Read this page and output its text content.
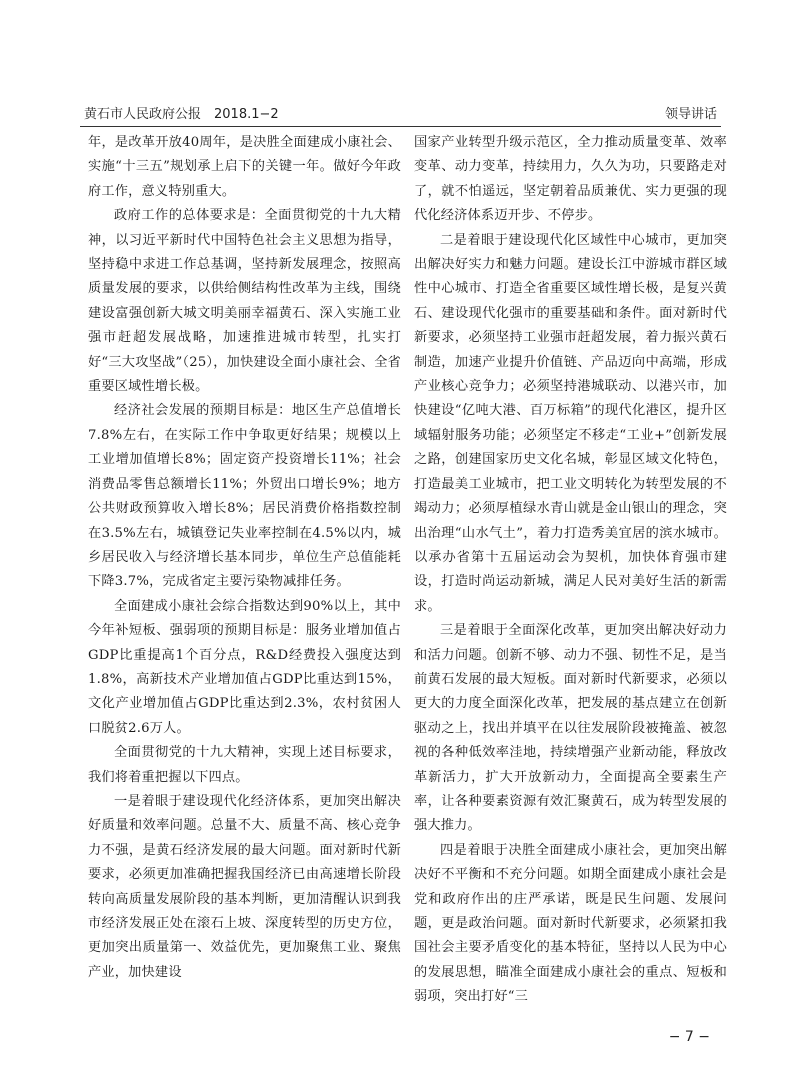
黄石市人民政府公报　2018.1−2	领导讲话

年，是改革开放40周年，是决胜全面建成小康社会、实施“十三五”规划承上启下的关键一年。做好今年政府工作，意义特别重大。

政府工作的总体要求是：全面贯彻党的十九大精神，以习近平新时代中国特色社会主义思想为指导，坚持稳中求进工作总基调，坚持新发展理念，按照高质量发展的要求，以供给侧结构性改革为主线，围绕建设富强创新大城文明美丽幸福黄石、深入实施工业强市赶超发展战略，加速推进城市转型，扎实打好“三大攻坚战”（25），加快建设全面小康社会、全省重要区域性增长极。

经济社会发展的预期目标是：地区生产总值增长7.8%左右，在实际工作中争取更好结果；规模以上工业增加值增长8%；固定资产投资增长11%；社会消费品零售总额增长11%；外贸出口增长9%；地方公共财政预算收入增长8%；居民消费价格指数控制在3.5%左右，城镇登记失业率控制在4.5%以内，城乡居民收入与经济增长基本同步，单位生产总值能耗下降3.7%，完成省定主要污染物减排任务。

全面建成小康社会综合指数达到90%以上，其中今年补短板、强弱项的预期目标是：服务业增加值占GDP比重提高1个百分点，R&D经费投入强度达到1.8%，高新技术产业增加值占GDP比重达到15%，文化产业增加值占GDP比重达到2.3%，农村贫困人口脱贫2.6万人。

全面贯彻党的十九大精神，实现上述目标要求，我们将着重把握以下四点。

一是着眼于建设现代化经济体系，更加突出解决好质量和效率问题。总量不大、质量不高、核心竞争力不强，是黄石经济发展的最大问题。面对新时代新要求，必须更加准确把握我国经济已由高速增长阶段转向高质量发展阶段的基本判断，更加清醒认识到我市经济发展正处在滚石上坡、深度转型的历史方位，更加突出质量第一、效益优先，更加聚焦工业、聚焦产业，加快建设

国家产业转型升级示范区，全力推动质量变革、效率变革、动力变革，持续用力，久久为功，只要路走对了，就不怕遥远，坚定朝着品质兼优、实力更强的现代化经济体系迈开步、不停步。

二是着眼于建设现代化区域性中心城市，更加突出解决好实力和魅力问题。建设长江中游城市群区域性中心城市、打造全省重要区域性增长极，是复兴黄石、建设现代化强市的重要基础和条件。面对新时代新要求，必须坚持工业强市赶超发展，着力振兴黄石制造，加速产业提升价值链、产品迈向中高端，形成产业核心竞争力；必须坚持港城联动、以港兴市，加快建设“亿吨大港、百万标箱”的现代化港区，提升区域辐射服务功能；必须坚定不移走“工业+”创新发展之路，创建国家历史文化名城，彰显区域文化特色，打造最美工业城市，把工业文明转化为转型发展的不竭动力；必须厚植绿水青山就是金山银山的理念，突出治理“山水气土”，着力打造秀美宜居的滨水城市。以承办省第十五届运动会为契机，加快体育强市建设，打造时尚运动新城，满足人民对美好生活的新需求。

三是着眼于全面深化改革，更加突出解决好动力和活力问题。创新不够、动力不强、韧性不足，是当前黄石发展的最大短板。面对新时代新要求，必须以更大的力度全面深化改革，把发展的基点建立在创新驱动之上，找出并填平在以往发展阶段被掩盖、被忽视的各种低效率洼地，持续增强产业新动能，释放改革新活力，扩大开放新动力，全面提高全要素生产率，让各种要素资源有效汇聚黄石，成为转型发展的强大推力。

四是着眼于决胜全面建成小康社会，更加突出解决好不平衡和不充分问题。如期全面建成小康社会是党和政府作出的庄严承诺，既是民生问题、发展问题，更是政治问题。面对新时代新要求，必须紧扣我国社会主要矛盾变化的基本特征，坚持以人民为中心的发展思想，瞄准全面建成小康社会的重点、短板和弱项，突出打好“三

− 7 −
